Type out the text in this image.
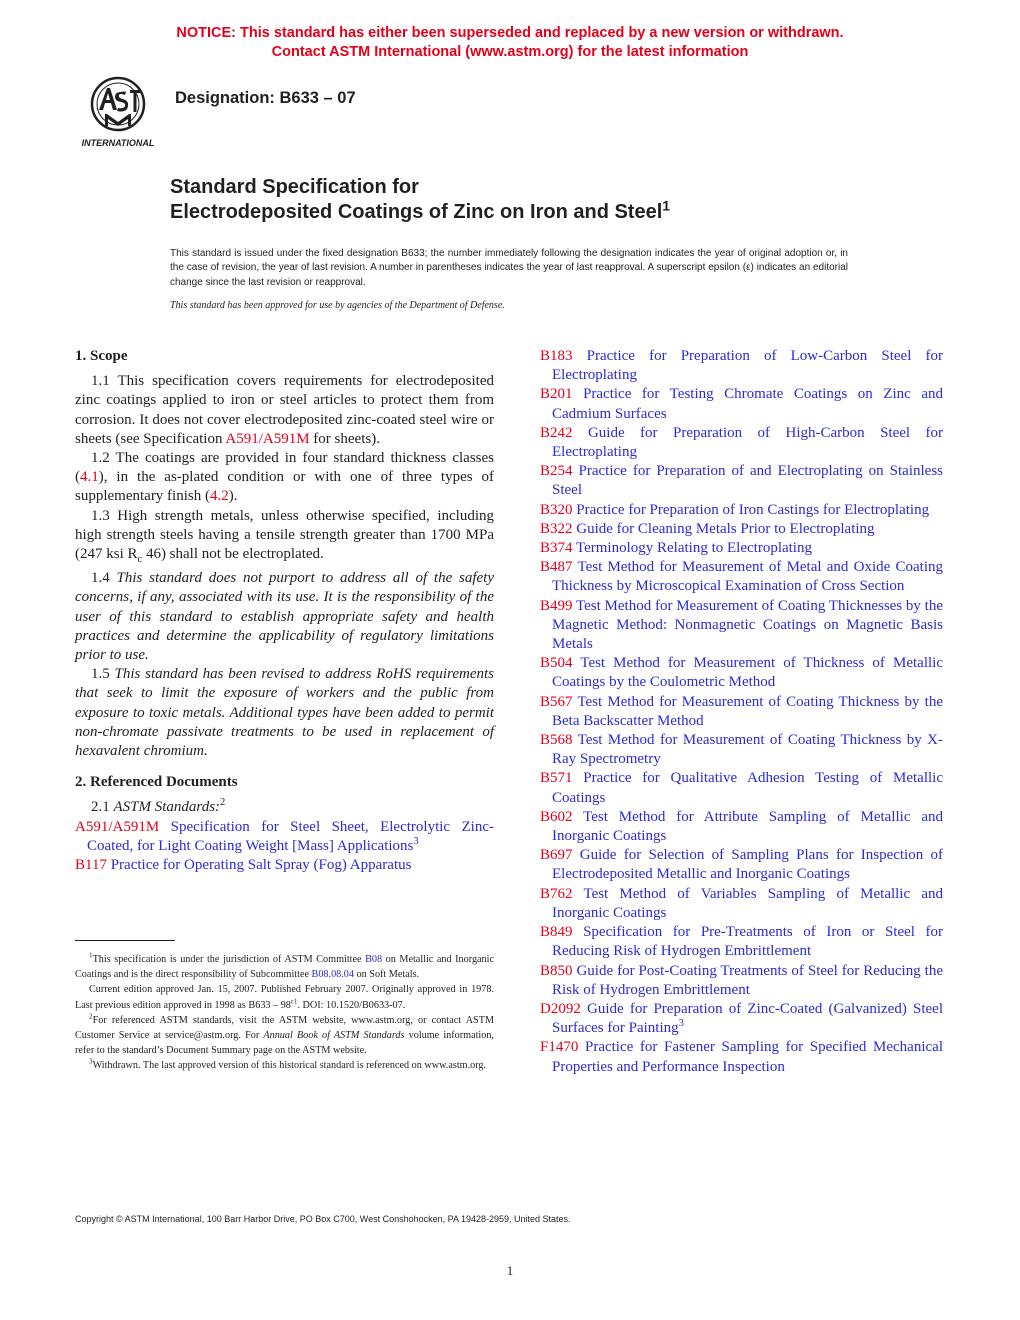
NOTICE: This standard has either been superseded and replaced by a new version or withdrawn.
Contact ASTM International (www.astm.org) for the latest information
INTERNATIONAL
Designation: B633 – 07
Standard Specification for
Electrodeposited Coatings of Zinc on Iron and Steel$^1$
This standard is issued under the fixed designation B633; the number immediately following the designation indicates the year of original adoption or, in the case of revision, the year of last revision. A number in parentheses indicates the year of last reapproval. A superscript epsilon (ε) indicates an editorial change since the last revision or reapproval.
This standard has been approved for use by agencies of the Department of Defense.
1. Scope

1.1 This specification covers requirements for electrodeposited zinc coatings applied to iron or steel articles to protect them from corrosion. It does not cover electrodeposited zinc-coated steel wire or sheets (see Specification A591/A591M for sheets).

1.2 The coatings are provided in four standard thickness classes (4.1), in the as-plated condition or with one of three types of supplementary finish (4.2).

1.3 High strength metals, unless otherwise specified, including high strength steels having a tensile strength greater than 1700 MPa (247 ksi $R_c$ 46) shall not be electroplated.

1.4 This standard does not purport to address all of the safety concerns, if any, associated with its use. It is the responsibility of the user of this standard to establish appropriate safety and health practices and determine the applicability of regulatory limitations prior to use.

1.5 This standard has been revised to address RoHS requirements that seek to limit the exposure of workers and the public from exposure to toxic metals. Additional types have been added to permit non-chromate passivate treatments to be used in replacement of hexavalent chromium.

2. Referenced Documents

2.1 ASTM Standards:$^2$

A591/A591M Specification for Steel Sheet, Electrolytic Zinc-Coated, for Light Coating Weight [Mass] Applications$^3$

B117 Practice for Operating Salt Spray (Fog) Apparatus

B183 Practice for Preparation of Low-Carbon Steel for Electroplating

B201 Practice for Testing Chromate Coatings on Zinc and Cadmium Surfaces

B242 Guide for Preparation of High-Carbon Steel for Electroplating

B254 Practice for Preparation of and Electroplating on Stainless Steel

B320 Practice for Preparation of Iron Castings for Electroplating

B322 Guide for Cleaning Metals Prior to Electroplating

B374 Terminology Relating to Electroplating

B487 Test Method for Measurement of Metal and Oxide Coating Thickness by Microscopical Examination of Cross Section

B499 Test Method for Measurement of Coating Thicknesses by the Magnetic Method: Nonmagnetic Coatings on Magnetic Basis Metals

B504 Test Method for Measurement of Thickness of Metallic Coatings by the Coulometric Method

B567 Test Method for Measurement of Coating Thickness by the Beta Backscatter Method

B568 Test Method for Measurement of Coating Thickness by X-Ray Spectrometry

B571 Practice for Qualitative Adhesion Testing of Metallic Coatings

B602 Test Method for Attribute Sampling of Metallic and Inorganic Coatings

B697 Guide for Selection of Sampling Plans for Inspection of Electrodeposited Metallic and Inorganic Coatings

B762 Test Method of Variables Sampling of Metallic and Inorganic Coatings

B849 Specification for Pre-Treatments of Iron or Steel for Reducing Risk of Hydrogen Embrittlement

B850 Guide for Post-Coating Treatments of Steel for Reducing the Risk of Hydrogen Embrittlement

D2092 Guide for Preparation of Zinc-Coated (Galvanized) Steel Surfaces for Painting$^3$

F1470 Practice for Fastener Sampling for Specified Mechanical Properties and Performance Inspection

$^1$This specification is under the jurisdiction of ASTM Committee B08 on Metallic and Inorganic Coatings and is the direct responsibility of Subcommittee B08.08.04 on Soft Metals.

Current edition approved Jan. 15, 2007. Published February 2007. Originally approved in 1978. Last previous edition approved in 1998 as $B633 - 98^{\varepsilon 1}$. DOI: 10.1520/B0633-07.

$^2$For referenced ASTM standards, visit the ASTM website, www.astm.org, or contact ASTM Customer Service at service@astm.org. For Annual Book of ASTM Standards volume information, refer to the standard’s Document Summary page on the ASTM website.

$^3$Withdrawn. The last approved version of this historical standard is referenced on www.astm.org.

Copyright © ASTM International, 100 Barr Harbor Drive, PO Box C700, West Conshohocken, PA 19428-2959, United States.
1
